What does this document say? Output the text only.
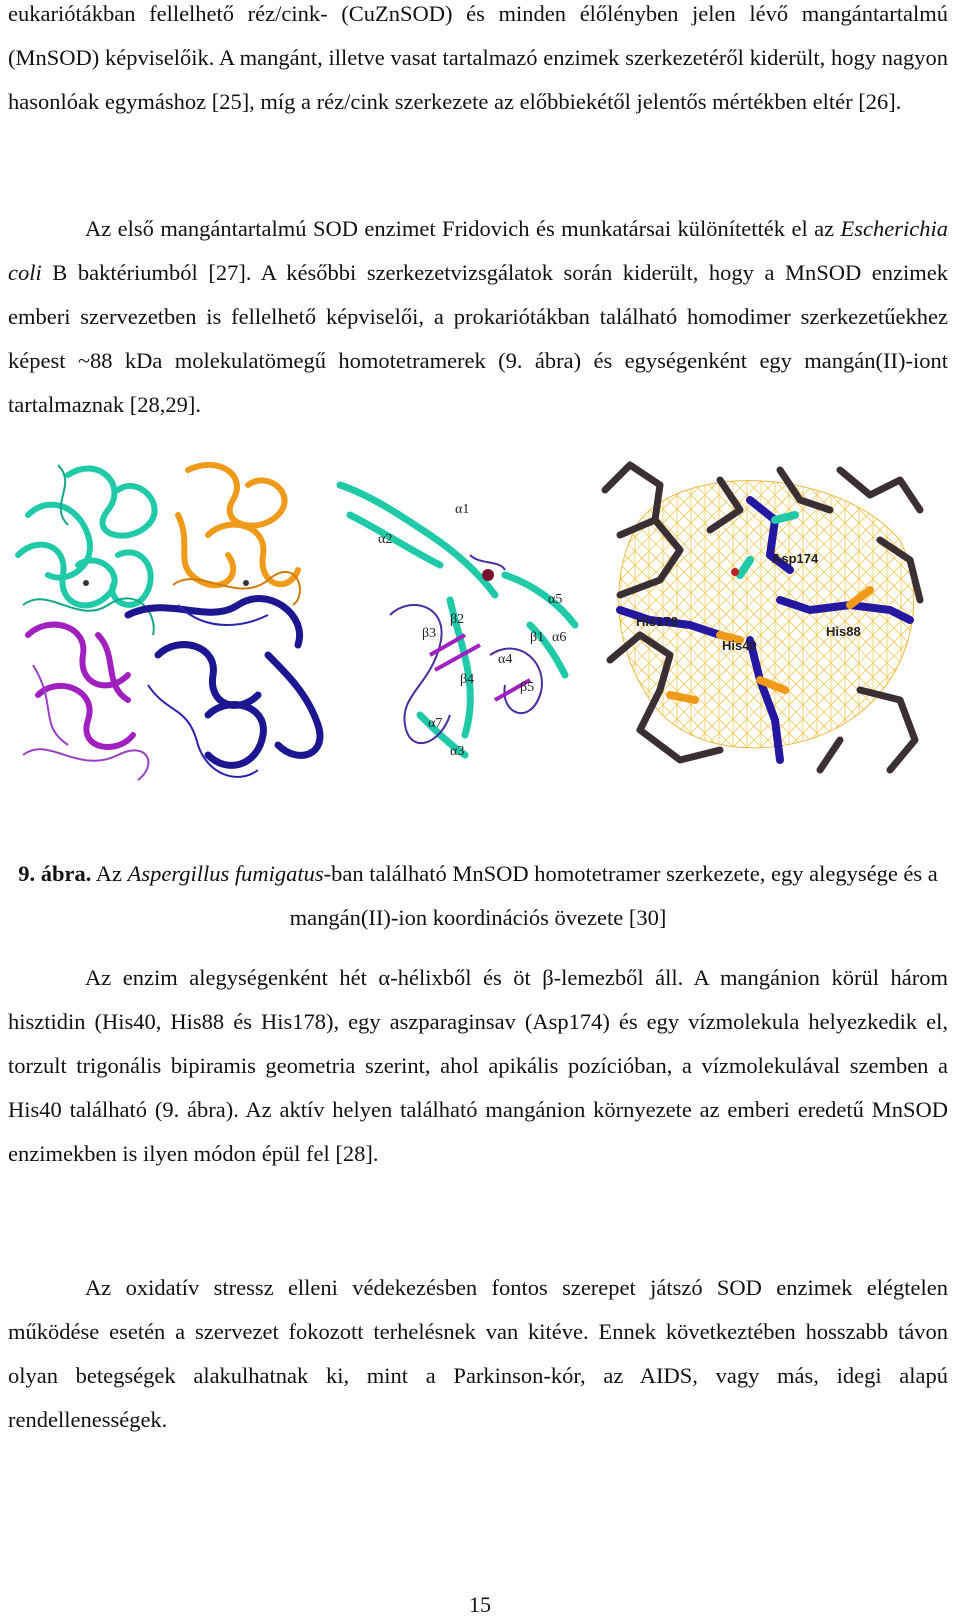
eukariótákban fellelhető réz/cink- (CuZnSOD) és minden élőlényben jelen lévő mangántartalmú (MnSOD) képviselőik. A mangánt, illetve vasat tartalmazó enzimek szerkezetéről kiderült, hogy nagyon hasonlóak egymáshoz [25], míg a réz/cink szerkezete az előbbiekétől jelentős mértékben eltér [26].

Az első mangántartalmú SOD enzimet Fridovich és munkatársai különítették el az Escherichia coli B baktériumból [27]. A későbbi szerkezetvizsgálatok során kiderült, hogy a MnSOD enzimek emberi szervezetben is fellelhető képviselői, a prokariótákban található homodimer szerkezetűekhez képest ~88 kDa molekulatömegű homotetramerek (9. ábra) és egységenként egy mangán(II)-iont tartalmaznak [28,29].

α1
α2
α3
α4
α5
α6
α7
β1
β2
β3
β4
β5
Asp174
His178
His40
His88

9. ábra. Az Aspergillus fumigatus-ban található MnSOD homotetramer szerkezete, egy alegysége és a mangán(II)-ion koordinációs övezete [30]

Az enzim alegységenként hét α-hélixből és öt β-lemezből áll. A mangánion körül három hisztidin (His40, His88 és His178), egy aszparaginsav (Asp174) és egy vízmolekula helyezkedik el, torzult trigonális bipiramis geometria szerint, ahol apikális pozícióban, a vízmolekulával szemben a His40 található (9. ábra). Az aktív helyen található mangánion környezete az emberi eredetű MnSOD enzimekben is ilyen módon épül fel [28].

Az oxidatív stressz elleni védekezésben fontos szerepet játszó SOD enzimek elégtelen működése esetén a szervezet fokozott terhelésnek van kitéve. Ennek következtében hosszabb távon olyan betegségek alakulhatnak ki, mint a Parkinson-kór, az AIDS, vagy más, idegi alapú rendellenességek.

15
